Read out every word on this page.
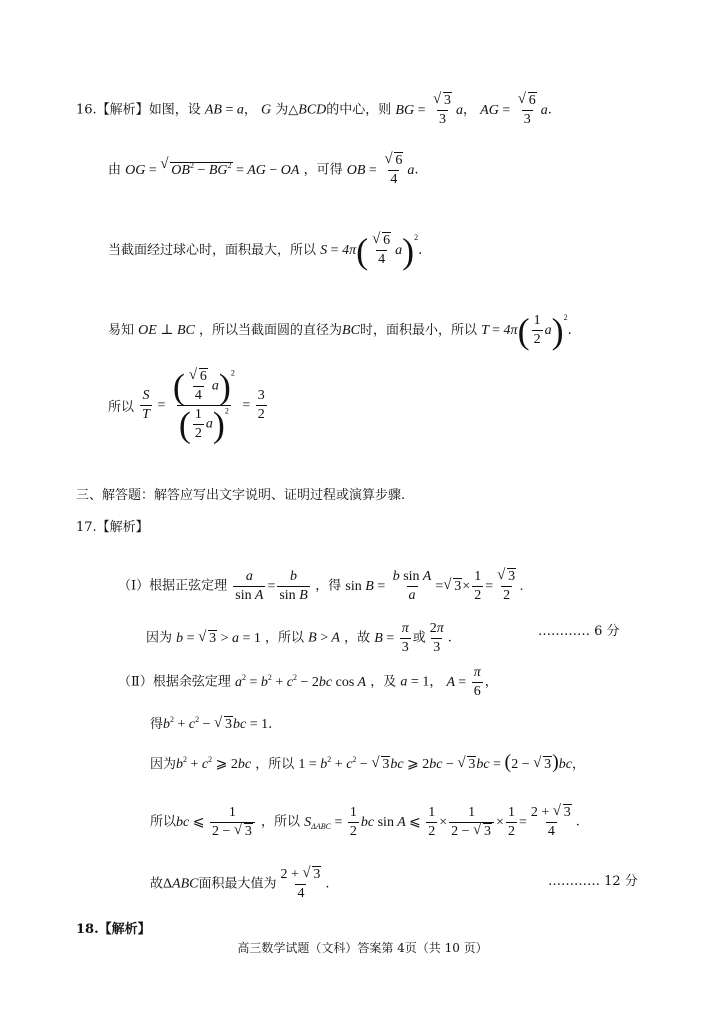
16.【解析】如图，设 AB = a， G 为△BCD的中心，则 BG =
√ $\frac{3}{3}$ a， AG =
√ $\frac{6}{3} a$.
由 OG = √ $OB^2 - BG^2$ = AG − OA ，可得 OB =
√ $\frac{6}{4} a$.
当截面经过球心时，面积最大，所以 S = 4π(
√ $\frac{6}{4} a)^2$.
易知 OE ⊥ BC ，所以当截面圆的直径为BC时，面积最小，所以 $T = 4\pi( \frac{1}{2} a)^2$.
所以 $\frac{S}{T}$ = (
√ $\frac{6}{4} a)^2$
( $\frac{1}{2} a)^2 = \frac{3}{2}$
三、解答题：解答应写出文字说明、证明过程或演算步骤.
17.【解析】
（Ⅰ）根据正弦定理 $\frac{a}{\text{sin A}} = \frac{b}{\text{sin B}}$ ，得 $\sin B = \frac{\text{b sin A}}{a}$ =√ $3\times \frac{1}{2}$ =
√ $\frac{3}{2}$ .
因为 b = √ 3 > a = 1 ，所以 B > A ，故 $B = \frac{\pi}{3}$ 或 $\frac{2\pi}{3}$ .	………… 6 分
（Ⅱ）根据余弦定理 $a^2 = b^2 + c^2 - 2bc$ cos A ，及 a = 1， $A = \frac{\pi}{6}$ ，
得$b^2 + c^2$ − √ 3bc = 1.
因为$b^2 + c^2$ ⩾ 2bc ，所以 $1 = b^2 + c^2$ − √ 3bc ⩾ 2bc − √ 3bc = (2 − √ 3)bc，
所以bc ⩽ $\frac{1}{2 - √ 3}$ ，所以 $S_{\Delta ABC} = \frac{1}{2}$ bc sin A ⩽ $\frac{1}{2} \times \frac{1}{2 - √ 3} \times \frac{1}{2} = \frac{2 + √ 3}{4}$ .
故ΔABC面积最大值为 $\frac{2 + √ 3}{4}$ .	………… 12 分
18.【解析】
高三数学试题（文科）答案第 4页（共 10 页）
